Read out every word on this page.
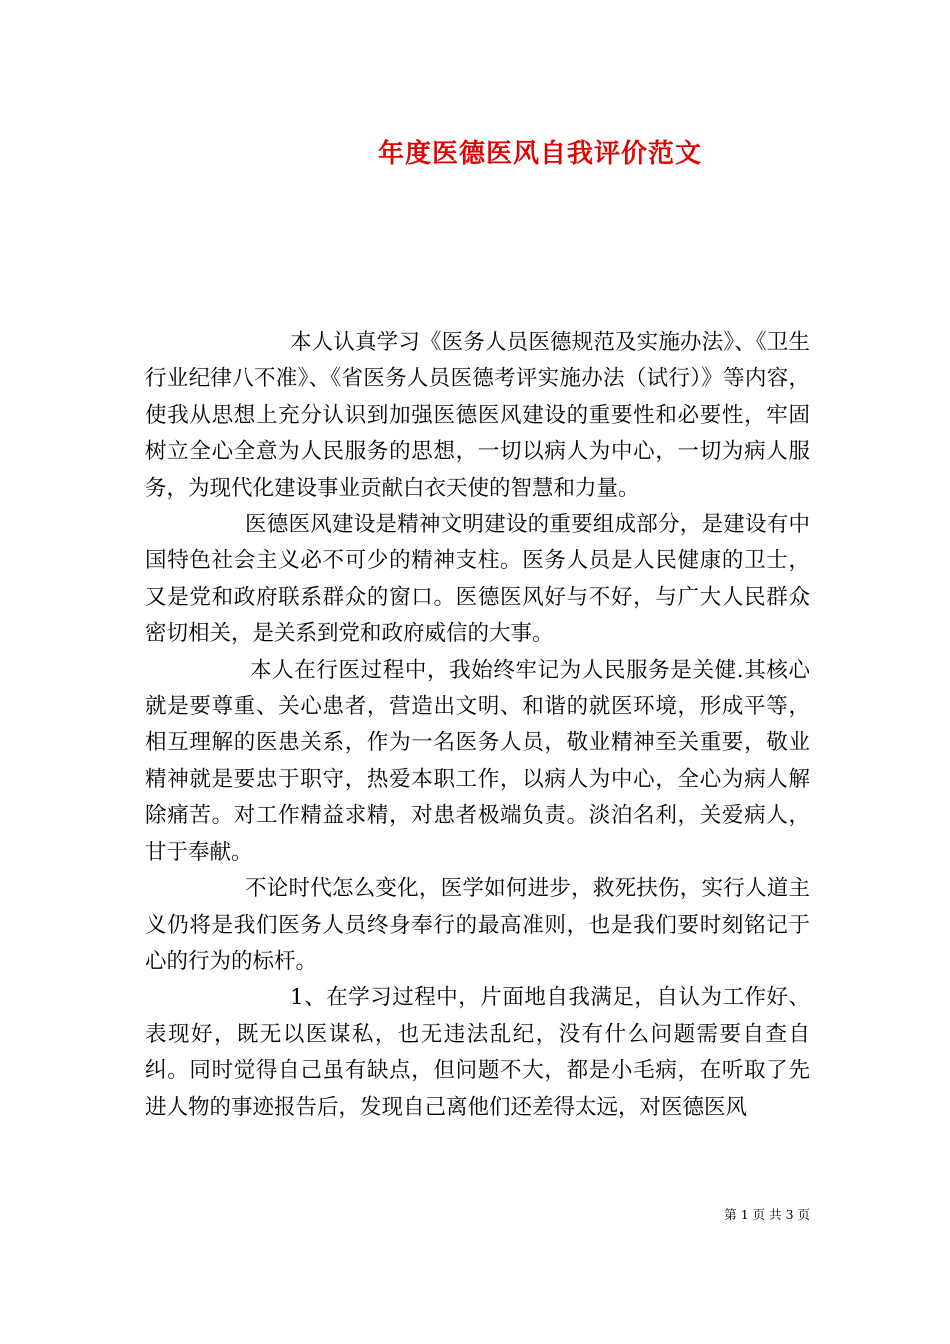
年度医德医风自我评价范文

本人认真学习《医务人员医德规范及实施办法》、《卫生行业纪律八不准》、《省医务人员医德考评实施办法（试行）》等内容，使我从思想上充分认识到加强医德医风建设的重要性和必要性，牢固树立全心全意为人民服务的思想，一切以病人为中心，一切为病人服务，为现代化建设事业贡献白衣天使的智慧和力量。

医德医风建设是精神文明建设的重要组成部分，是建设有中国特色社会主义必不可少的精神支柱。医务人员是人民健康的卫士，又是党和政府联系群众的窗口。医德医风好与不好，与广大人民群众密切相关，是关系到党和政府威信的大事。

本人在行医过程中，我始终牢记为人民服务是关健.其核心就是要尊重、关心患者，营造出文明、和谐的就医环境，形成平等，相互理解的医患关系，作为一名医务人员，敬业精神至关重要，敬业精神就是要忠于职守，热爱本职工作，以病人为中心，全心为病人解除痛苦。对工作精益求精，对患者极端负责。淡泊名利，关爱病人，甘于奉献。

不论时代怎么变化，医学如何进步，救死扶伤，实行人道主义仍将是我们医务人员终身奉行的最高准则，也是我们要时刻铭记于心的行为的标杆。

1、在学习过程中，片面地自我满足，自认为工作好、表现好，既无以医谋私，也无违法乱纪，没有什么问题需要自查自纠。同时觉得自己虽有缺点，但问题不大，都是小毛病，在听取了先进人物的事迹报告后，发现自己离他们还差得太远，对医德医风

第 1 页 共 3 页
